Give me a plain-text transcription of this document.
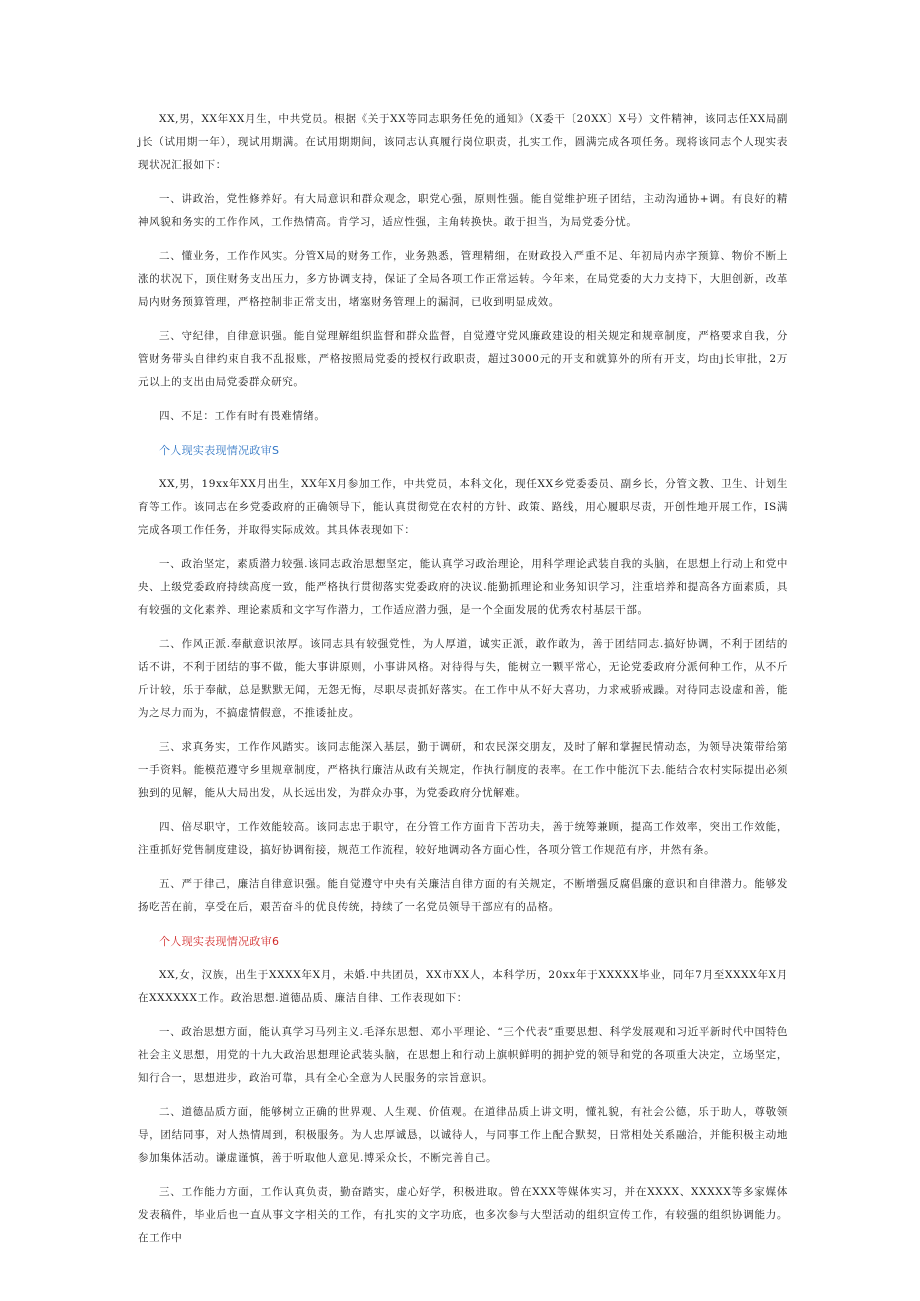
XX,男，XX年XX月生，中共党员。根据《关于XX等同志职务任免的通知》（X委干〔20XX〕X号）文件精神，该同志任XX局副j长（试用期一年），现试用期满。在试用期期间，该同志认真履行岗位职责，扎实工作，圆满完成各项任务。现将该同志个人现实表现状况汇报如下：

一、讲政治，党性修养好。有大局意识和群众观念，职党心强，原则性强。能自觉维护班子团结，主动沟通协+调。有良好的精神风貌和务实的工作作风，工作热情高。肯学习，适应性强，主角转换快。敢于担当，为局党委分忧。

二、懂业务，工作作风实。分管X局的财务工作，业务熟悉，管理精细，在财政投入严重不足、年初局内赤字预算、物价不断上涨的状况下，顶住财务支出压力，多方协调支持，保证了全局各项工作正常运转。今年来，在局党委的大力支持下，大胆创新，改革局内财务预算管理，严格控制非正常支出，堵塞财务管理上的漏洞，已收到明显成效。

三、守纪律，自律意识强。能自觉理解组织监督和群众监督，自觉遵守党风廉政建设的相关规定和规章制度，严格要求自我，分管财务带头自律约束自我不乱报账，严格按照局党委的授权行政职责，超过3000元的开支和就算外的所有开支，均由j长审批，2万元以上的支出由局党委群众研究。

四、不足：工作有时有畏难情绪。

个人现实表现情况政审S

XX,男，19xx年XX月出生，XX年X月参加工作，中共党员，本科文化，现任XX乡党委委员、副乡长，分管文教、卫生、计划生育等工作。该同志在乡党委政府的正确领导下，能认真贯彻党在农村的方针、政策、路线，用心履职尽责，开创性地开展工作，IS满完成各项工作任务，并取得实际成效。其具体表现如下：

一、政治坚定，素质潜力较强.该同志政治思想坚定，能认真学习政治理论，用科学理论武装自我的头脑，在思想上行动上和党中央、上级党委政府持续高度一致，能严格执行贯彻落实党委政府的决议.能勤抓理论和业务知识学习，注重培养和提高各方面素质，具有较强的文化素养、理论素质和文字写作潜力，工作适应潜力强，是一个全面发展的优秀农村基层干部。

二、作风正派.奉献意识浓厚。该同志具有较强党性，为人厚道，诚实正派，敢作敢为，善于团结同志.搞好协调，不利于团结的话不讲，不利于团结的事不做，能大事讲原则，小事讲风格。对待得与失，能树立一颗平常心，无论党委政府分派何种工作，从不斤斤计较，乐于奉献，总是默默无闻，无怨无悔，尽职尽责抓好落实。在工作中从不好大喜功，力求戒骄戒躁。对待同志设虚和善，能为之尽力而为，不搞虚情假意，不推诿扯皮。

三、求真务实，工作作风踏实。该同志能深入基层，勤于调研，和农民深交朋友，及时了解和掌握民情动态，为领导决策带给第一手资料。能模范遵守乡里规章制度，严格执行廉洁从政有关规定，作执行制度的表率。在工作中能沉下去.能结合农村实际提出必须独到的见解，能从大局出发，从长远出发，为群众办事，为党委政府分忧解难。

四、倍尽职守，工作效能较高。该同志忠于职守，在分管工作方面肯下苦功夫，善于统筹兼顾，提高工作效率，突出工作效能，注重抓好党售制度建设，搞好协调衔接，规范工作流程，较好地调动各方面心性，各项分管工作规范有序，井然有条。

五、严于律己，廉洁自律意识强。能自觉遵守中央有关廉洁自律方面的有关规定，不断增强反腐倡廉的意识和自律潜力。能够发扬吃苦在前，享受在后，艰苦奋斗的优良传统，持续了一名党员领导干部应有的品格。

个人现实表现情况政审6

XX,女，汉族，出生于XXXX年X月，未婚.中共团员，XX市XX人，本科学历，20xx年于XXXXX毕业，同年7月至XXXX年X月在XXXXXX工作。政治思想.道德品质、廉洁自律、工作表现如下：

一、政治思想方面，能认真学习马列主义.毛泽东思想、邓小平理论、“三个代表”重要思想、科学发展观和习近平新时代中国特色社会主义思想，用党的十九大政治思想理论武装头脑，在思想上和行动上旗帜鲜明的拥护党的领导和党的各项重大决定，立场坚定，知行合一，思想进步，政治可靠，具有全心全意为人民服务的宗旨意识。

二、道德品质方面，能够树立正确的世界观、人生观、价值观。在道律品质上讲文明，懂礼貌，有社会公德，乐于助人，尊敬领导，团结同事，对人热情周到，积极服务。为人忠厚诚恳，以诚待人，与同事工作上配合默契，日常相处关系融洽，并能积极主动地参加集体活动。谦虚谨慎，善于听取他人意见.博采众长，不断完善自己。

三、工作能力方面，工作认真负责，勤奋踏实，虚心好学，积极进取。曾在XXX等媒体实习，并在XXXX、XXXXX等多家媒体发表稿件，毕业后也一直从事文字相关的工作，有扎实的文字功底，也多次参与大型活动的组织宣传工作，有较强的组织协调能力。在工作中
